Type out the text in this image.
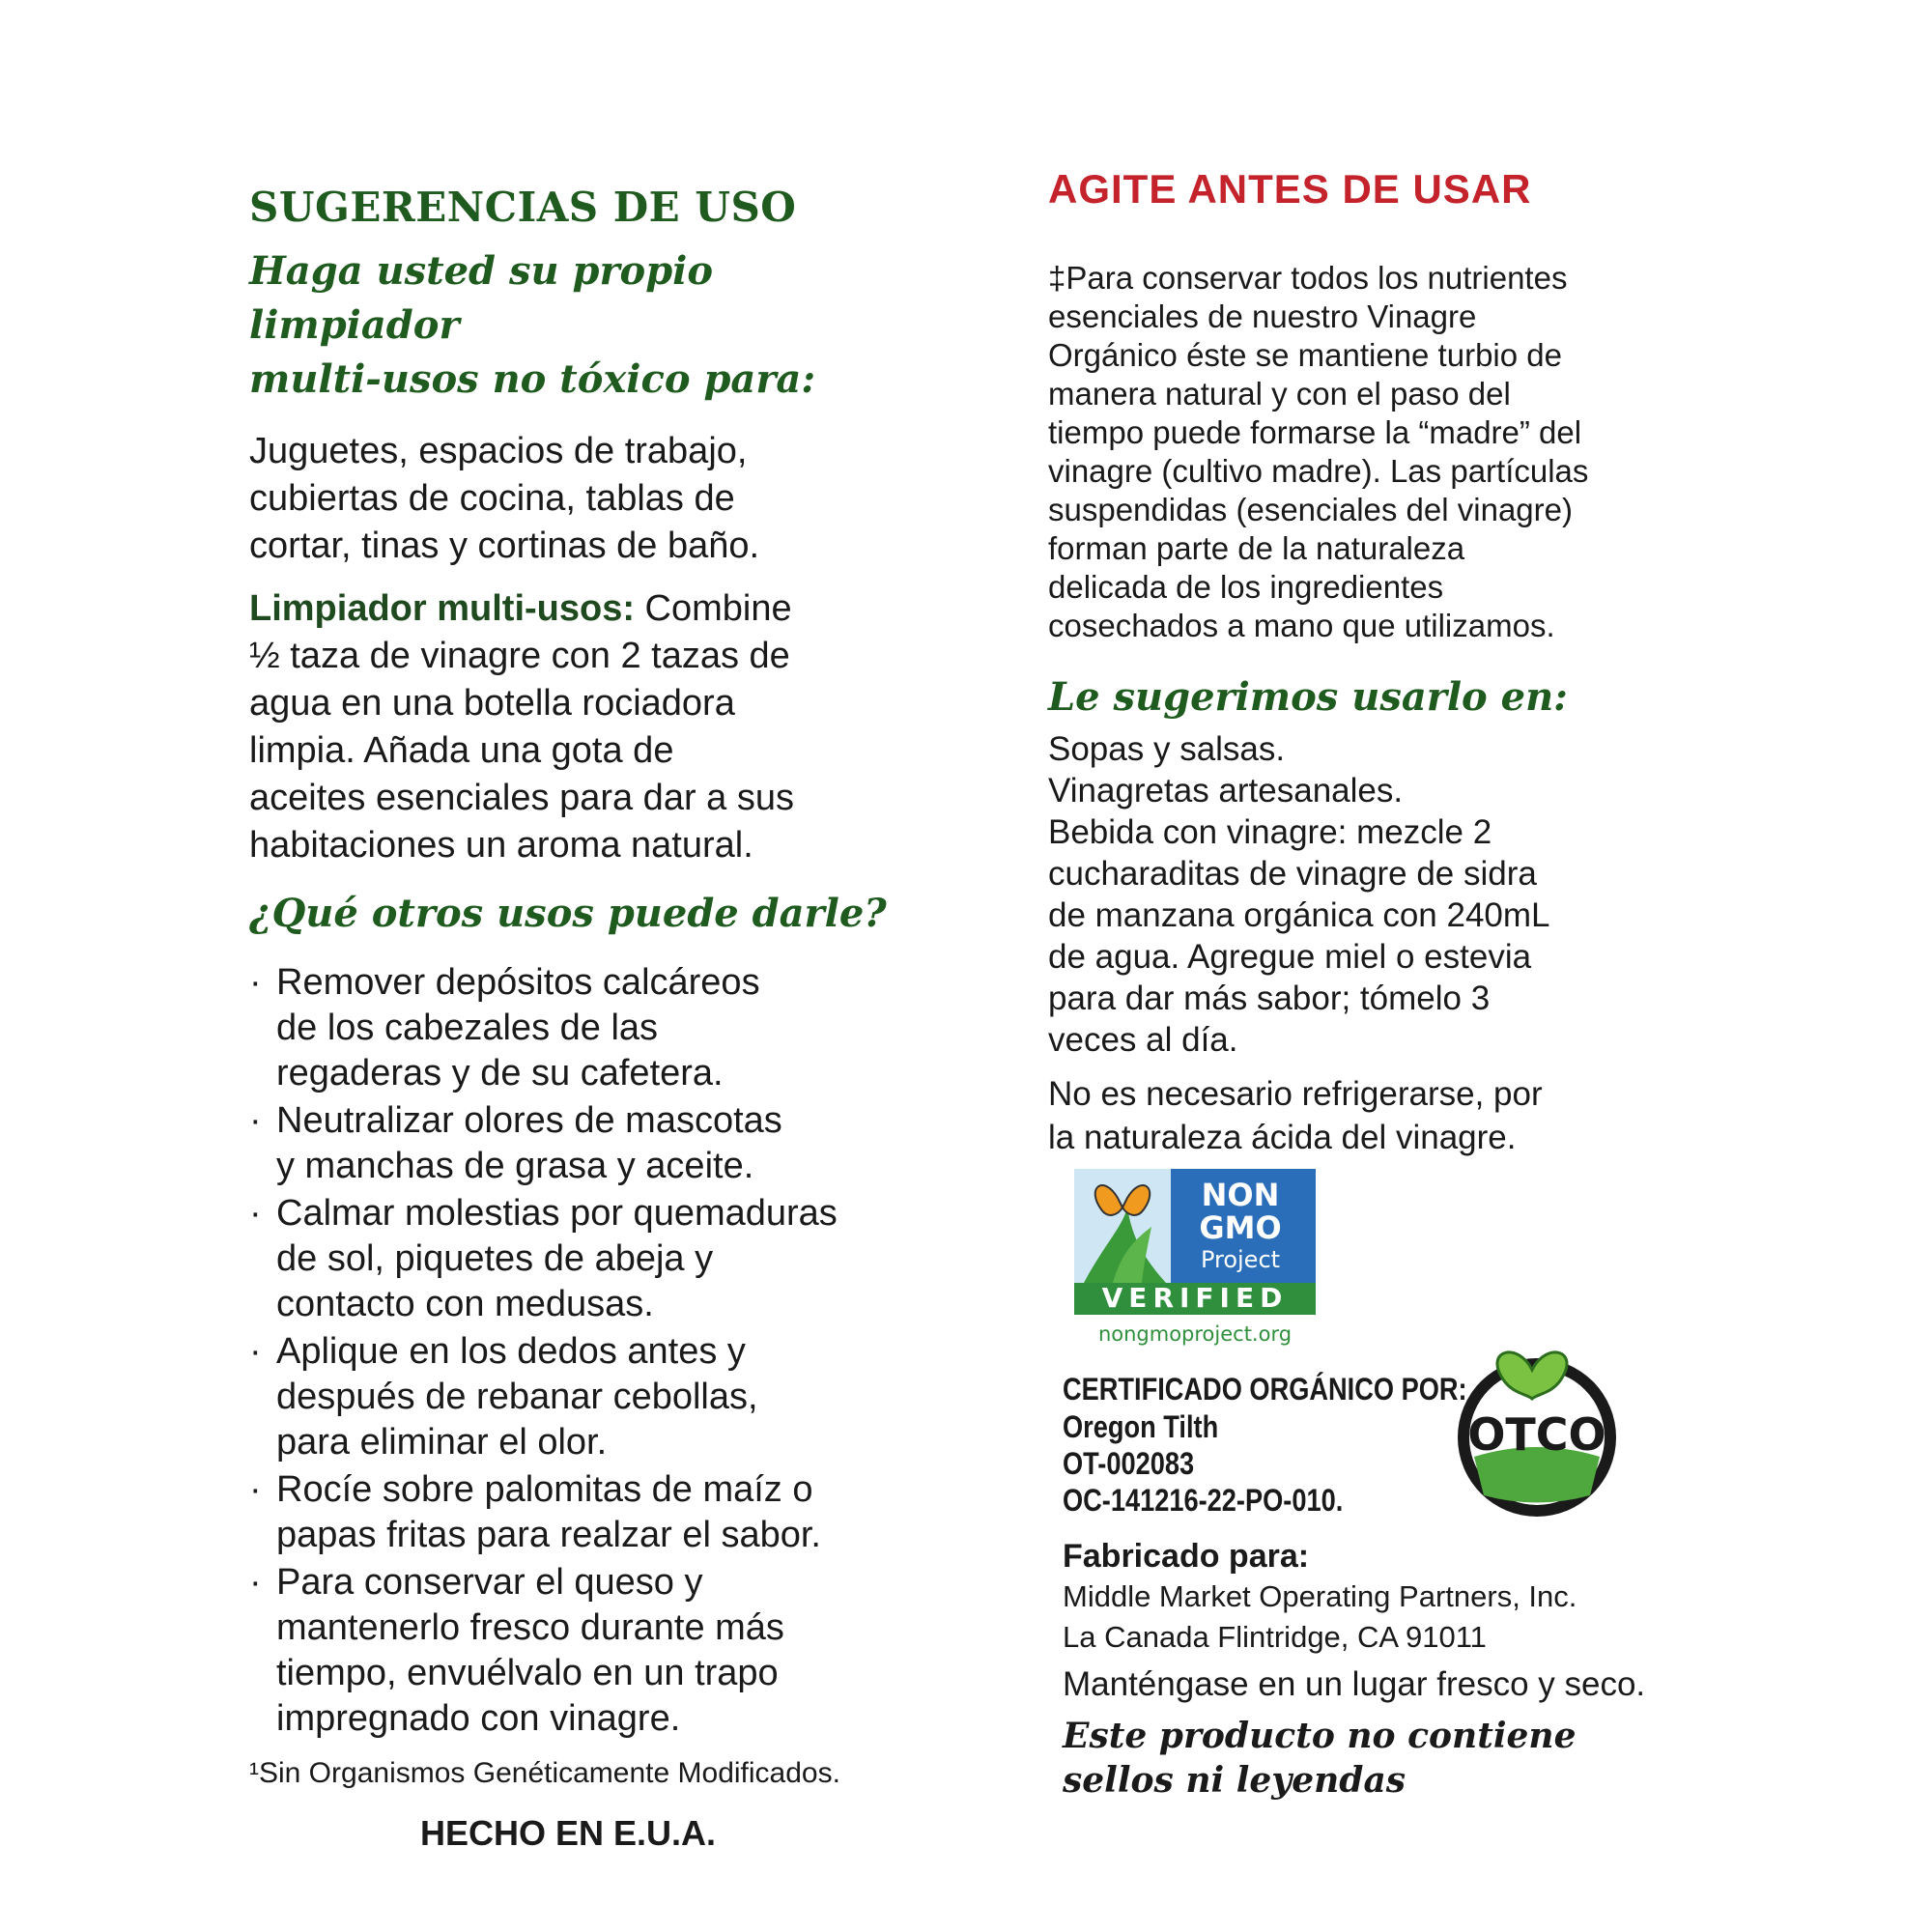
SUGERENCIAS DE USO

Haga usted su propio limpiador

multi-usos no tóxico para:

Juguetes, espacios de trabajo,

cubiertas de cocina, tablas de

cortar, tinas y cortinas de baño.

Limpiador multi-usos: Combine

½ taza de vinagre con 2 tazas de

agua en una botella rociadora

limpia. Añada una gota de

aceites esenciales para dar a sus

habitaciones un aroma natural.

¿Qué otros usos puede darle?

· Remover depósitos calcáreos
de los cabezales de las
regaderas y de su cafetera.
· Neutralizar olores de mascotas
y manchas de grasa y aceite.
· Calmar molestias por quemaduras
de sol, piquetes de abeja y
contacto con medusas.
· Aplique en los dedos antes y
después de rebanar cebollas,
para eliminar el olor.
· Rocíe sobre palomitas de maíz o
papas fritas para realzar el sabor.
· Para conservar el queso y
mantenerlo fresco durante más
tiempo, envuélvalo en un trapo
impregnado con vinagre.

¹Sin Organismos Genéticamente Modificados.

HECHO EN E.U.A.

AGITE ANTES DE USAR

‡Para conservar todos los nutrientes

esenciales de nuestro Vinagre

Orgánico éste se mantiene turbio de

manera natural y con el paso del

tiempo puede formarse la “madre” del

vinagre (cultivo madre). Las partículas

suspendidas (esenciales del vinagre)

forman parte de la naturaleza

delicada de los ingredientes

cosechados a mano que utilizamos.

Le sugerimos usarlo en:

Sopas y salsas.

Vinagretas artesanales.

Bebida con vinagre: mezcle 2

cucharaditas de vinagre de sidra

de manzana orgánica con 240mL

de agua. Agregue miel o estevia

para dar más sabor; tómelo 3

veces al día.

No es necesario refrigerarse, por

la naturaleza ácida del vinagre.

NON
GMO
Project
VERIFIED
nongmoproject.org

CERTIFICADO ORGÁNICO POR:

Oregon Tilth

OT-002083

OC-141216-22-PO-010.

OTCO

Fabricado para:

Middle Market Operating Partners, Inc.

La Canada Flintridge, CA 91011

Manténgase en un lugar fresco y seco.

Este producto no contiene

sellos ni leyendas
